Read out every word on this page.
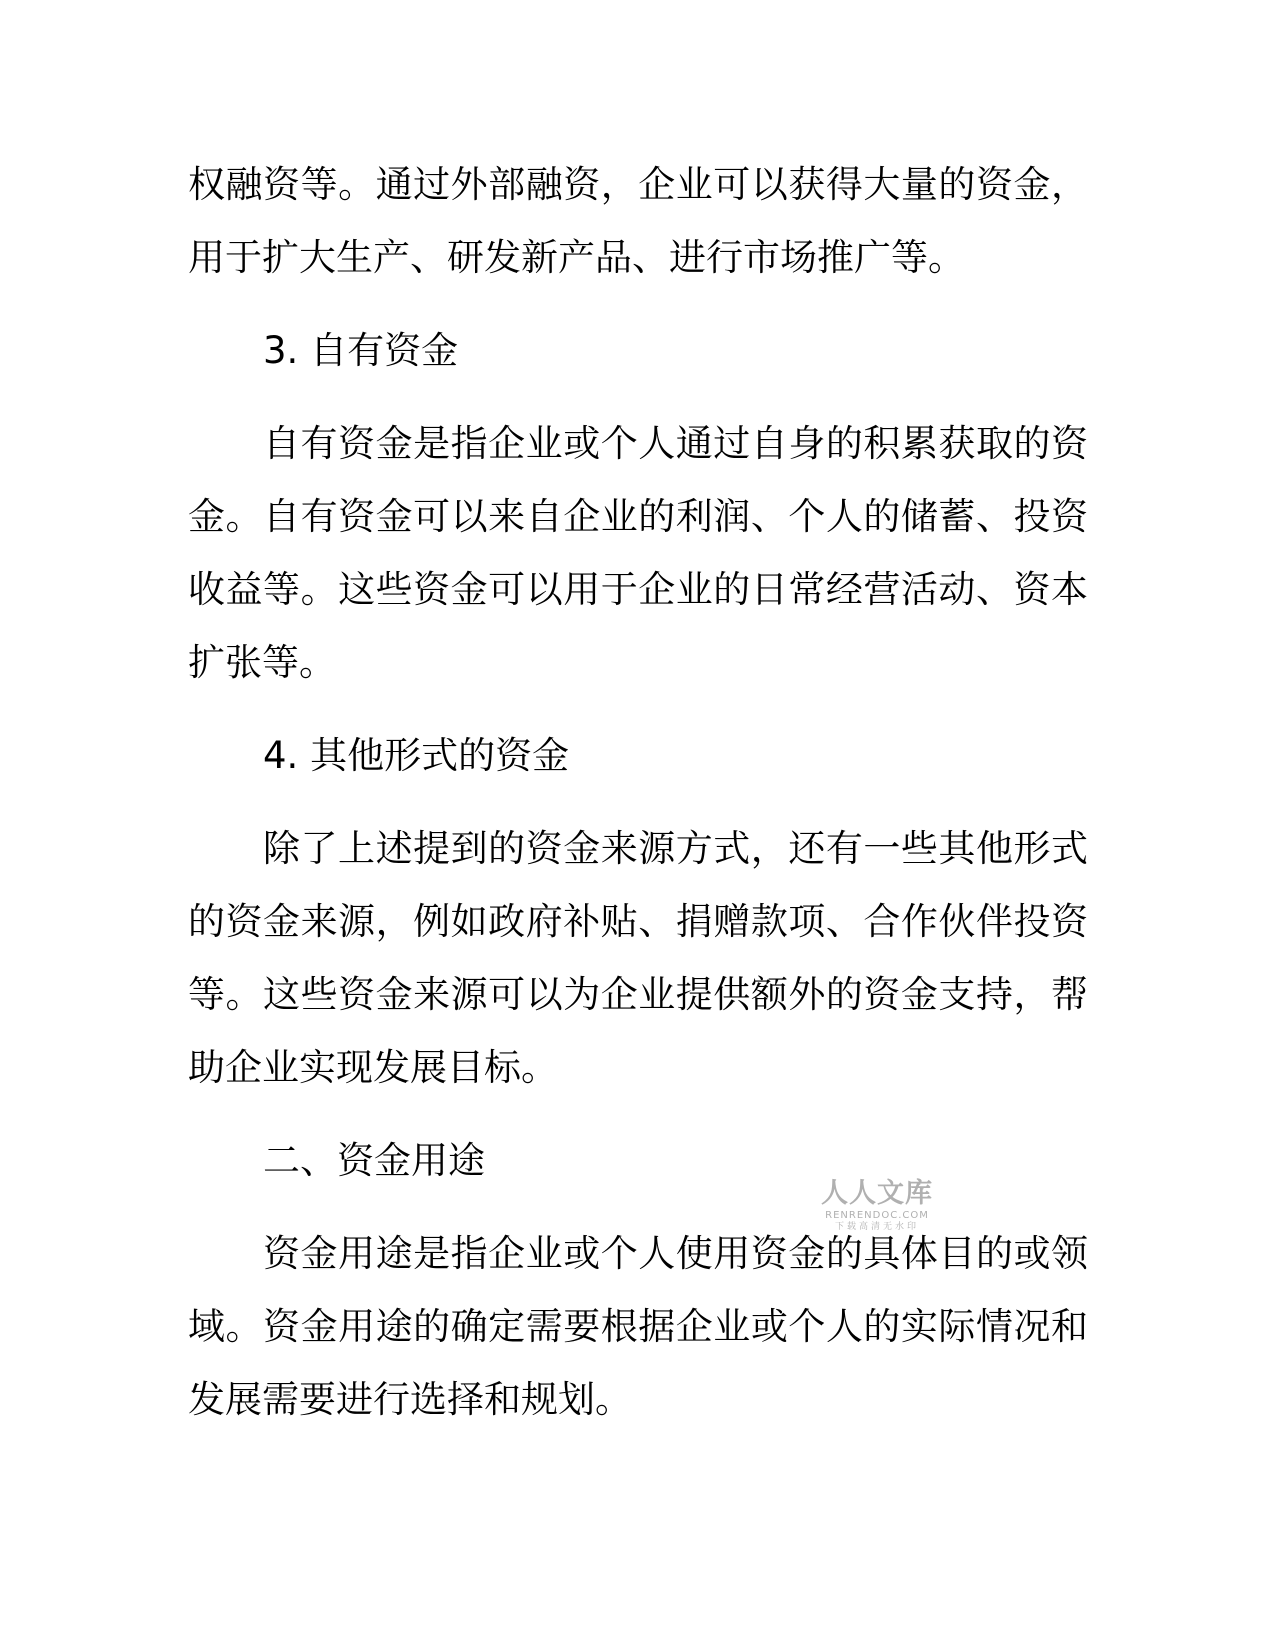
权融资等。通过外部融资，企业可以获得大量的资金，用于扩大生产、研发新产品、进行市场推广等。

3. 自有资金

自有资金是指企业或个人通过自身的积累获取的资金。自有资金可以来自企业的利润、个人的储蓄、投资收益等。这些资金可以用于企业的日常经营活动、资本扩张等。

4. 其他形式的资金

除了上述提到的资金来源方式，还有一些其他形式的资金来源，例如政府补贴、捐赠款项、合作伙伴投资等。这些资金来源可以为企业提供额外的资金支持，帮助企业实现发展目标。

二、资金用途

资金用途是指企业或个人使用资金的具体目的或领域。资金用途的确定需要根据企业或个人的实际情况和发展需要进行选择和规划。

人人文库
RENRENDOC.COM
下载高清无水印
